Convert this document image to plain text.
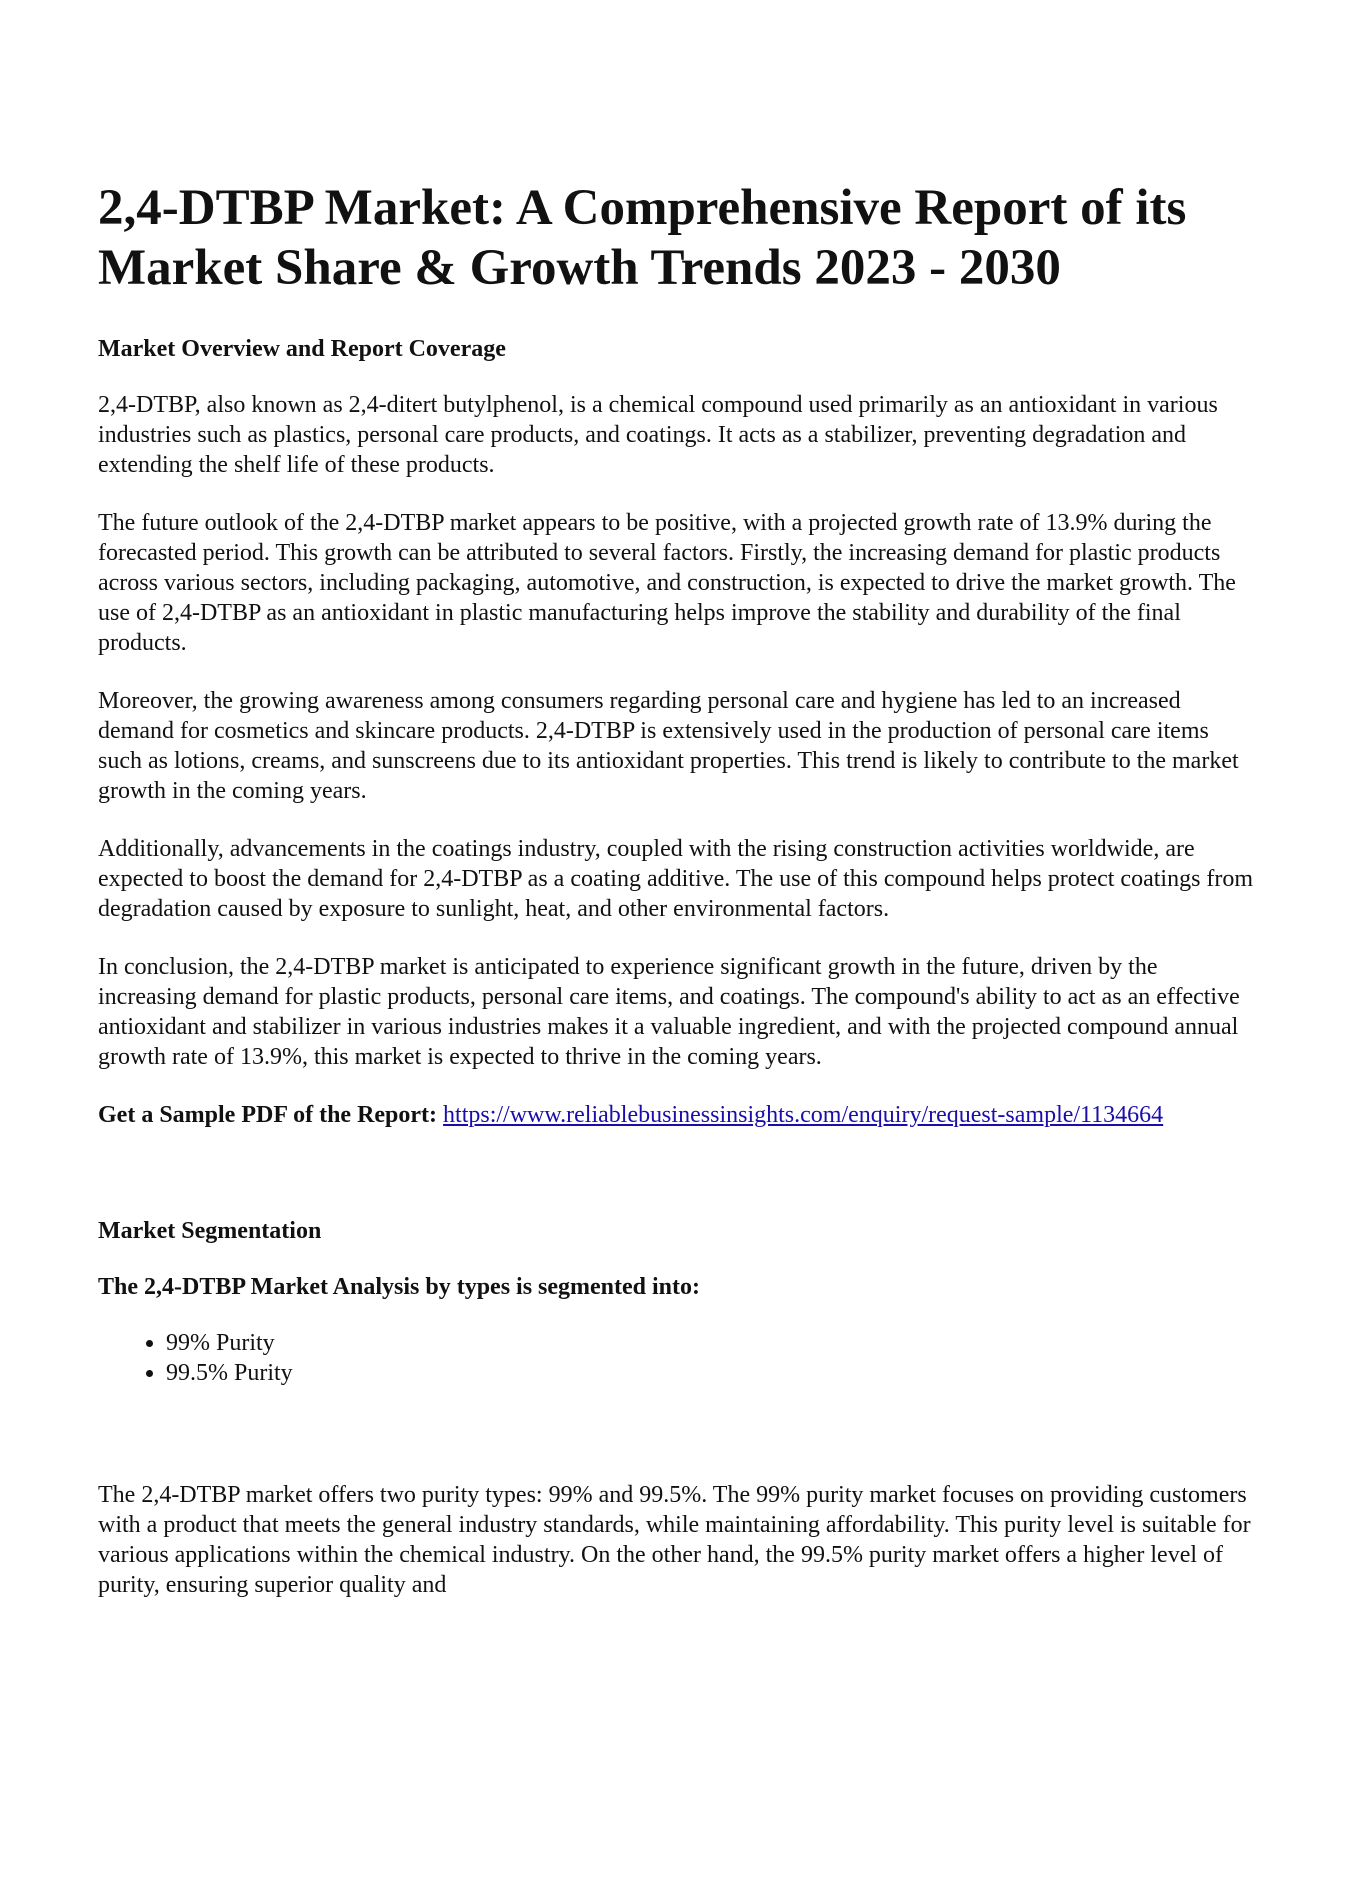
2,4-DTBP Market: A Comprehensive Report of its Market Share & Growth Trends 2023 - 2030
Market Overview and Report Coverage

2,4-DTBP, also known as 2,4-ditert butylphenol, is a chemical compound used primarily as an antioxidant in various industries such as plastics, personal care products, and coatings. It acts as a stabilizer, preventing degradation and extending the shelf life of these products.

The future outlook of the 2,4-DTBP market appears to be positive, with a projected growth rate of 13.9% during the forecasted period. This growth can be attributed to several factors. Firstly, the increasing demand for plastic products across various sectors, including packaging, automotive, and construction, is expected to drive the market growth. The use of 2,4-DTBP as an antioxidant in plastic manufacturing helps improve the stability and durability of the final products.

Moreover, the growing awareness among consumers regarding personal care and hygiene has led to an increased demand for cosmetics and skincare products. 2,4-DTBP is extensively used in the production of personal care items such as lotions, creams, and sunscreens due to its antioxidant properties. This trend is likely to contribute to the market growth in the coming years.

Additionally, advancements in the coatings industry, coupled with the rising construction activities worldwide, are expected to boost the demand for 2,4-DTBP as a coating additive. The use of this compound helps protect coatings from degradation caused by exposure to sunlight, heat, and other environmental factors.

In conclusion, the 2,4-DTBP market is anticipated to experience significant growth in the future, driven by the increasing demand for plastic products, personal care items, and coatings. The compound's ability to act as an effective antioxidant and stabilizer in various industries makes it a valuable ingredient, and with the projected compound annual growth rate of 13.9%, this market is expected to thrive in the coming years.

Get a Sample PDF of the Report: https://www.reliablebusinessinsights.com/enquiry/request-sample/1134664

Market Segmentation
The 2,4-DTBP Market Analysis by types is segmented into:
• 99% Purity
• 99.5% Purity

The 2,4-DTBP market offers two purity types: 99% and 99.5%. The 99% purity market focuses on providing customers with a product that meets the general industry standards, while maintaining affordability. This purity level is suitable for various applications within the chemical industry. On the other hand, the 99.5% purity market offers a higher level of purity, ensuring superior quality and
